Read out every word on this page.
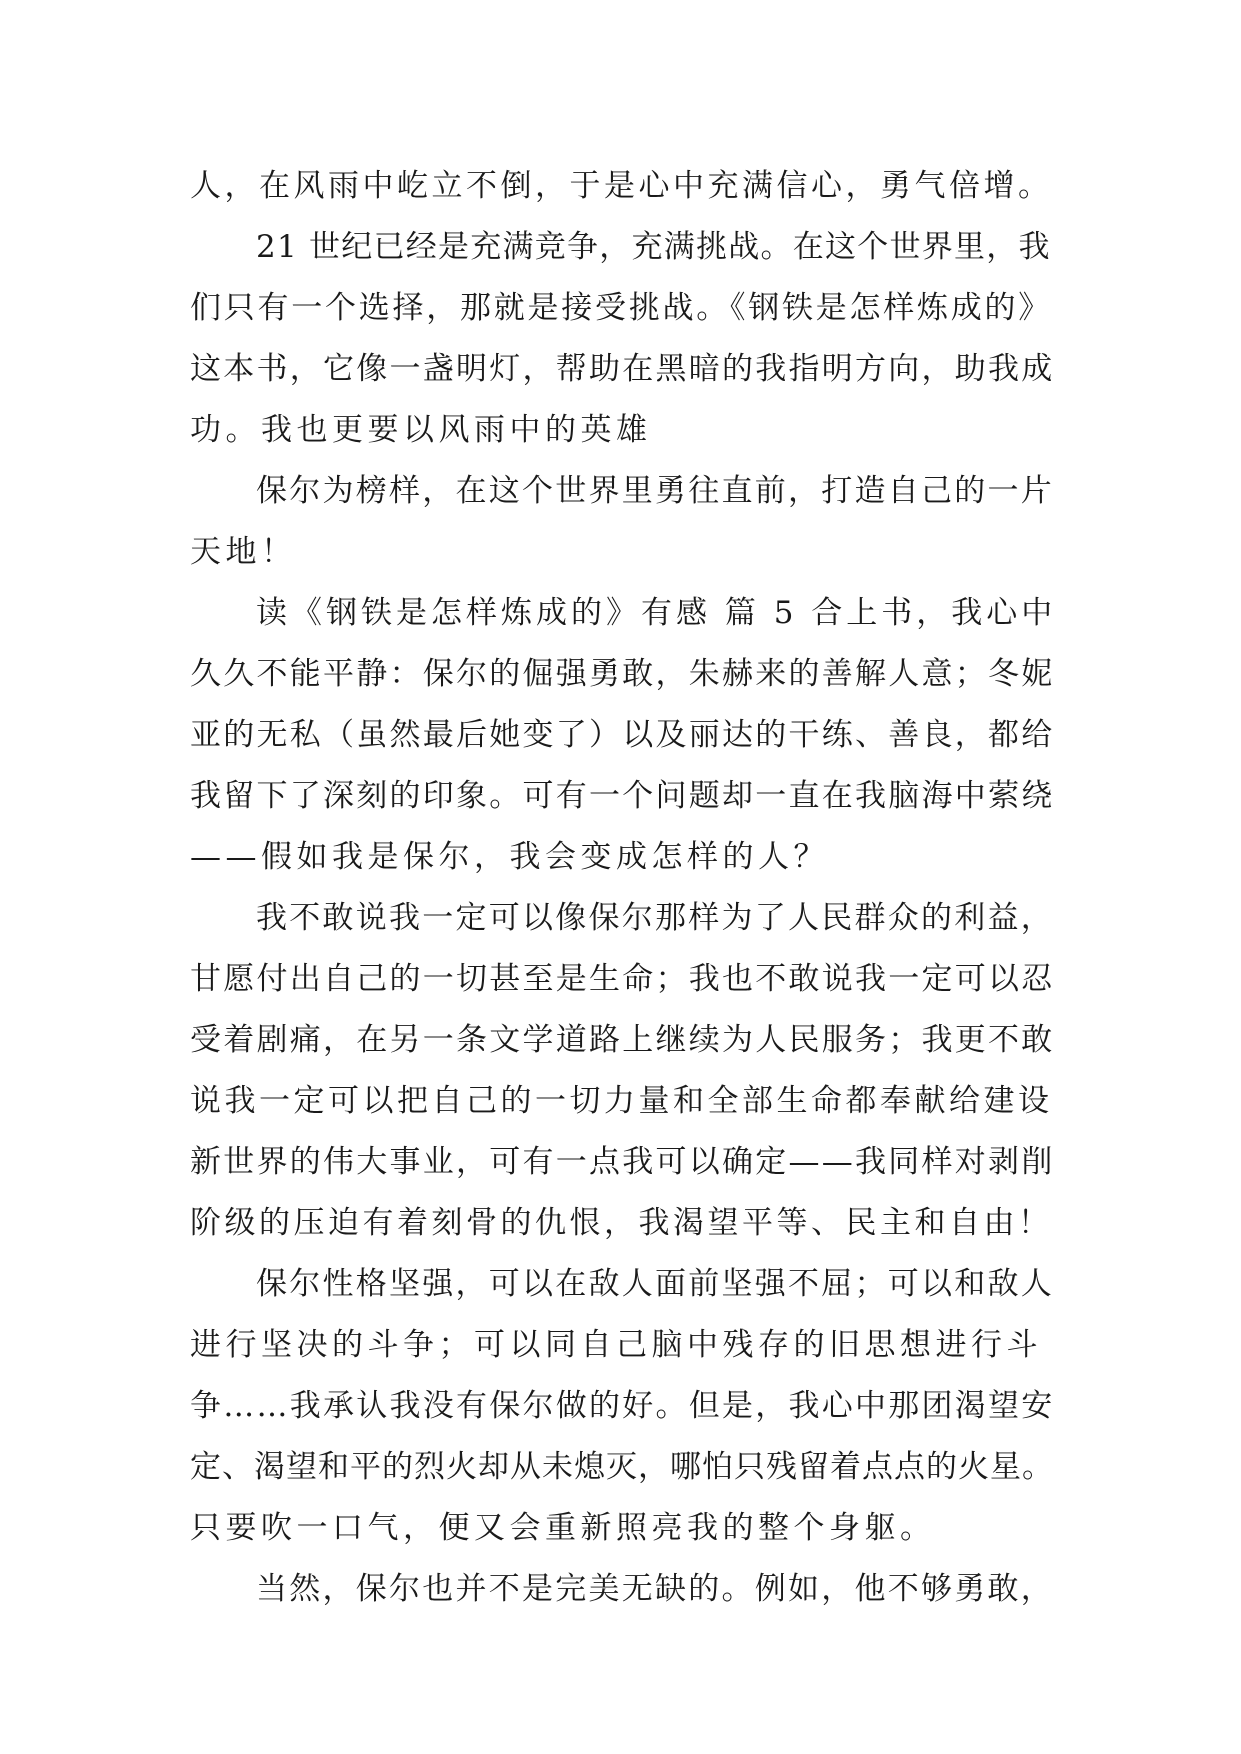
人，在风雨中屹立不倒，于是心中充满信心，勇气倍增。
21 世纪已经是充满竞争，充满挑战。在这个世界里，我
们只有一个选择，那就是接受挑战。《钢铁是怎样炼成的》
这本书，它像一盏明灯，帮助在黑暗的我指明方向，助我成
功。我也更要以风雨中的英雄
保尔为榜样，在这个世界里勇往直前，打造自己的一片
天地！
读《钢铁是怎样炼成的》有感 篇 5 合上书，我心中
久久不能平静：保尔的倔强勇敢，朱赫来的善解人意；冬妮
亚的无私（虽然最后她变了）以及丽达的干练、善良，都给
我留下了深刻的印象。可有一个问题却一直在我脑海中萦绕
——假如我是保尔，我会变成怎样的人？
我不敢说我一定可以像保尔那样为了人民群众的利益，
甘愿付出自己的一切甚至是生命；我也不敢说我一定可以忍
受着剧痛，在另一条文学道路上继续为人民服务；我更不敢
说我一定可以把自己的一切力量和全部生命都奉献给建设
新世界的伟大事业，可有一点我可以确定——我同样对剥削
阶级的压迫有着刻骨的仇恨，我渴望平等、民主和自由！
保尔性格坚强，可以在敌人面前坚强不屈；可以和敌人
进行坚决的斗争；可以同自己脑中残存的旧思想进行斗
争……我承认我没有保尔做的好。但是，我心中那团渴望安
定、渴望和平的烈火却从未熄灭，哪怕只残留着点点的火星。
只要吹一口气，便又会重新照亮我的整个身躯。
当然，保尔也并不是完美无缺的。例如，他不够勇敢，
